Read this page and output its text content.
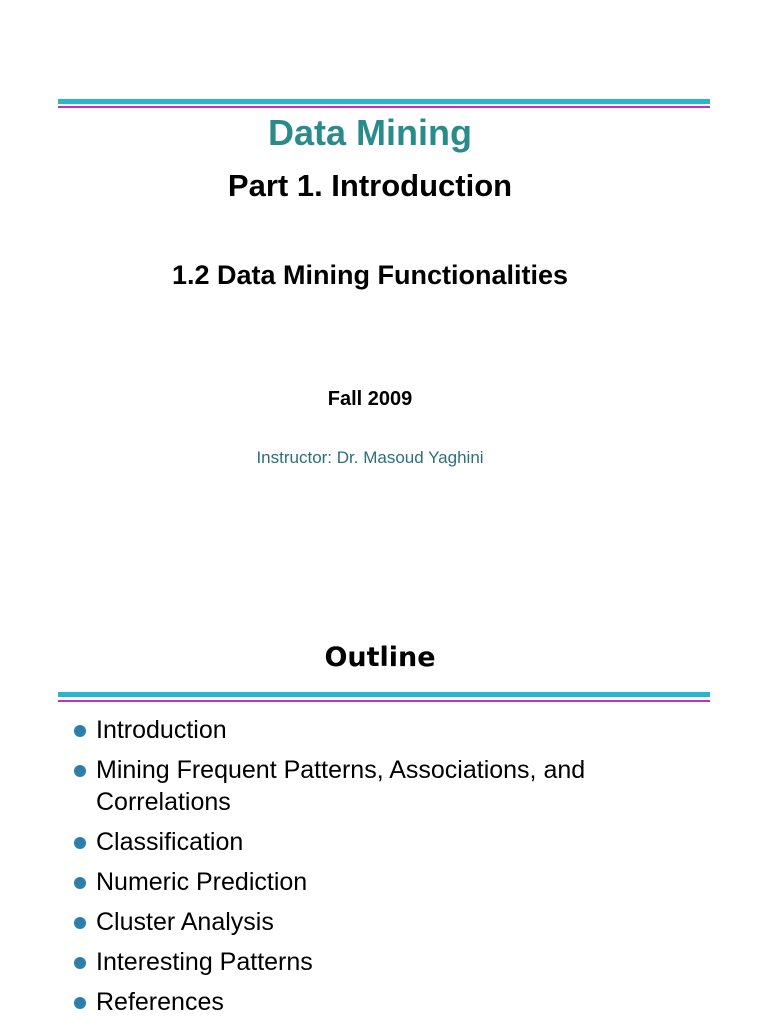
Data Mining
Part 1. Introduction
1.2 Data Mining Functionalities

Fall 2009

Instructor: Dr. Masoud Yaghini

Outline
Introduction
Mining Frequent Patterns, Associations, and Correlations
Classification
Numeric Prediction
Cluster Analysis
Interesting Patterns
References
